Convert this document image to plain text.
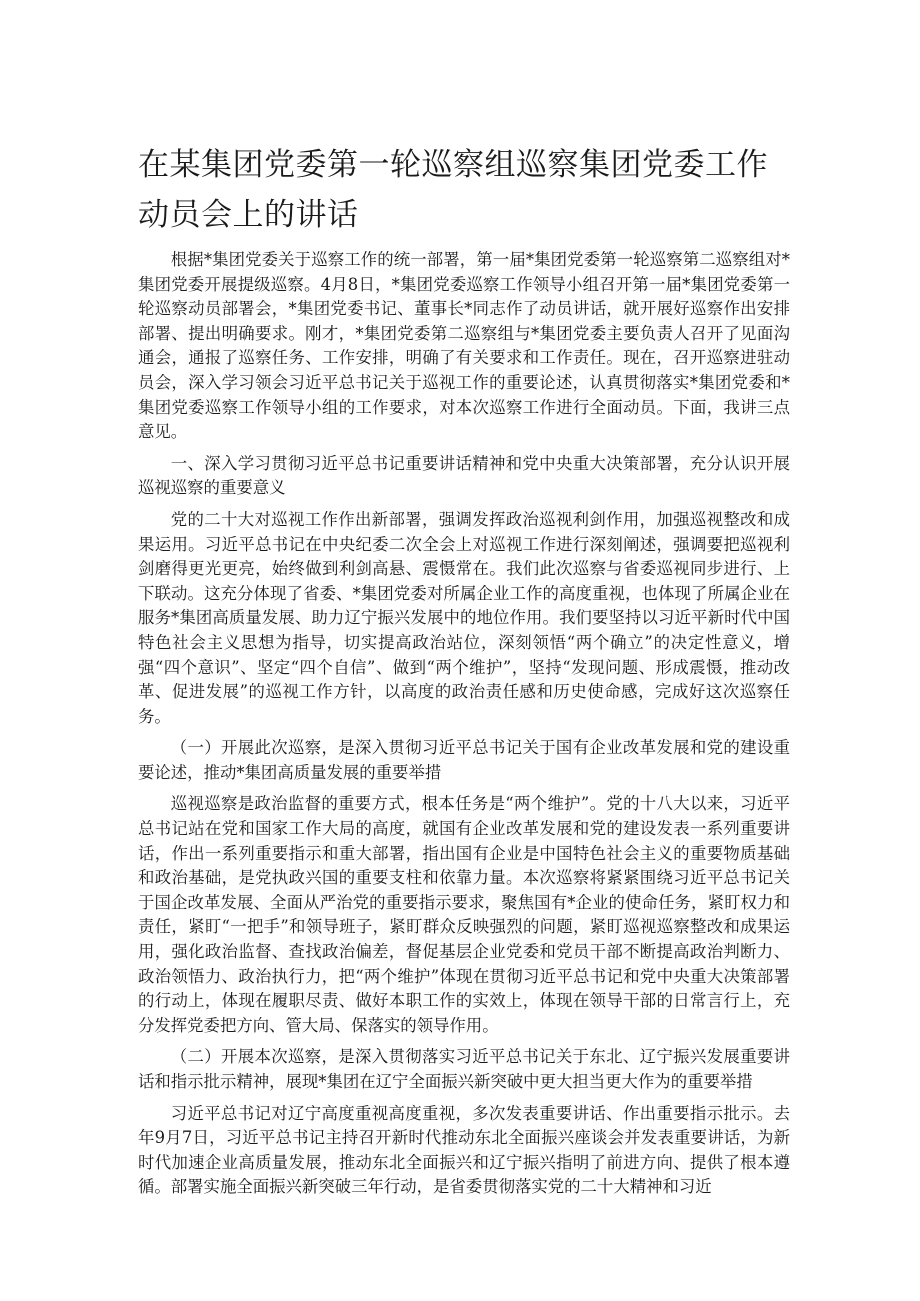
在某集团党委第一轮巡察组巡察集团党委工作动员会上的讲话

根据*集团党委关于巡察工作的统一部署，第一届*集团党委第一轮巡察第二巡察组对*集团党委开展提级巡察。4月8日，*集团党委巡察工作领导小组召开第一届*集团党委第一轮巡察动员部署会，*集团党委书记、董事长*同志作了动员讲话，就开展好巡察作出安排部署、提出明确要求。刚才，*集团党委第二巡察组与*集团党委主要负责人召开了见面沟通会，通报了巡察任务、工作安排，明确了有关要求和工作责任。现在，召开巡察进驻动员会，深入学习领会习近平总书记关于巡视工作的重要论述，认真贯彻落实*集团党委和*集团党委巡察工作领导小组的工作要求，对本次巡察工作进行全面动员。下面，我讲三点意见。

一、深入学习贯彻习近平总书记重要讲话精神和党中央重大决策部署，充分认识开展巡视巡察的重要意义

党的二十大对巡视工作作出新部署，强调发挥政治巡视利剑作用，加强巡视整改和成果运用。习近平总书记在中央纪委二次全会上对巡视工作进行深刻阐述，强调要把巡视利剑磨得更光更亮，始终做到利剑高悬、震慑常在。我们此次巡察与省委巡视同步进行、上下联动。这充分体现了省委、*集团党委对所属企业工作的高度重视，也体现了所属企业在服务*集团高质量发展、助力辽宁振兴发展中的地位作用。我们要坚持以习近平新时代中国特色社会主义思想为指导，切实提高政治站位，深刻领悟“两个确立”的决定性意义，增强“四个意识”、坚定“四个自信”、做到“两个维护”，坚持“发现问题、形成震慑，推动改革、促进发展”的巡视工作方针，以高度的政治责任感和历史使命感，完成好这次巡察任务。

（一）开展此次巡察，是深入贯彻习近平总书记关于国有企业改革发展和党的建设重要论述，推动*集团高质量发展的重要举措

巡视巡察是政治监督的重要方式，根本任务是“两个维护”。党的十八大以来，习近平总书记站在党和国家工作大局的高度，就国有企业改革发展和党的建设发表一系列重要讲话，作出一系列重要指示和重大部署，指出国有企业是中国特色社会主义的重要物质基础和政治基础，是党执政兴国的重要支柱和依靠力量。本次巡察将紧紧围绕习近平总书记关于国企改革发展、全面从严治党的重要指示要求，聚焦国有*企业的使命任务，紧盯权力和责任，紧盯“一把手”和领导班子，紧盯群众反映强烈的问题，紧盯巡视巡察整改和成果运用，强化政治监督、查找政治偏差，督促基层企业党委和党员干部不断提高政治判断力、政治领悟力、政治执行力，把“两个维护”体现在贯彻习近平总书记和党中央重大决策部署的行动上，体现在履职尽责、做好本职工作的实效上，体现在领导干部的日常言行上，充分发挥党委把方向、管大局、保落实的领导作用。

（二）开展本次巡察，是深入贯彻落实习近平总书记关于东北、辽宁振兴发展重要讲话和指示批示精神，展现*集团在辽宁全面振兴新突破中更大担当更大作为的重要举措

习近平总书记对辽宁高度重视高度重视，多次发表重要讲话、作出重要指示批示。去年9月7日，习近平总书记主持召开新时代推动东北全面振兴座谈会并发表重要讲话，为新时代加速企业高质量发展，推动东北全面振兴和辽宁振兴指明了前进方向、提供了根本遵循。部署实施全面振兴新突破三年行动，是省委贯彻落实党的二十大精神和习近
